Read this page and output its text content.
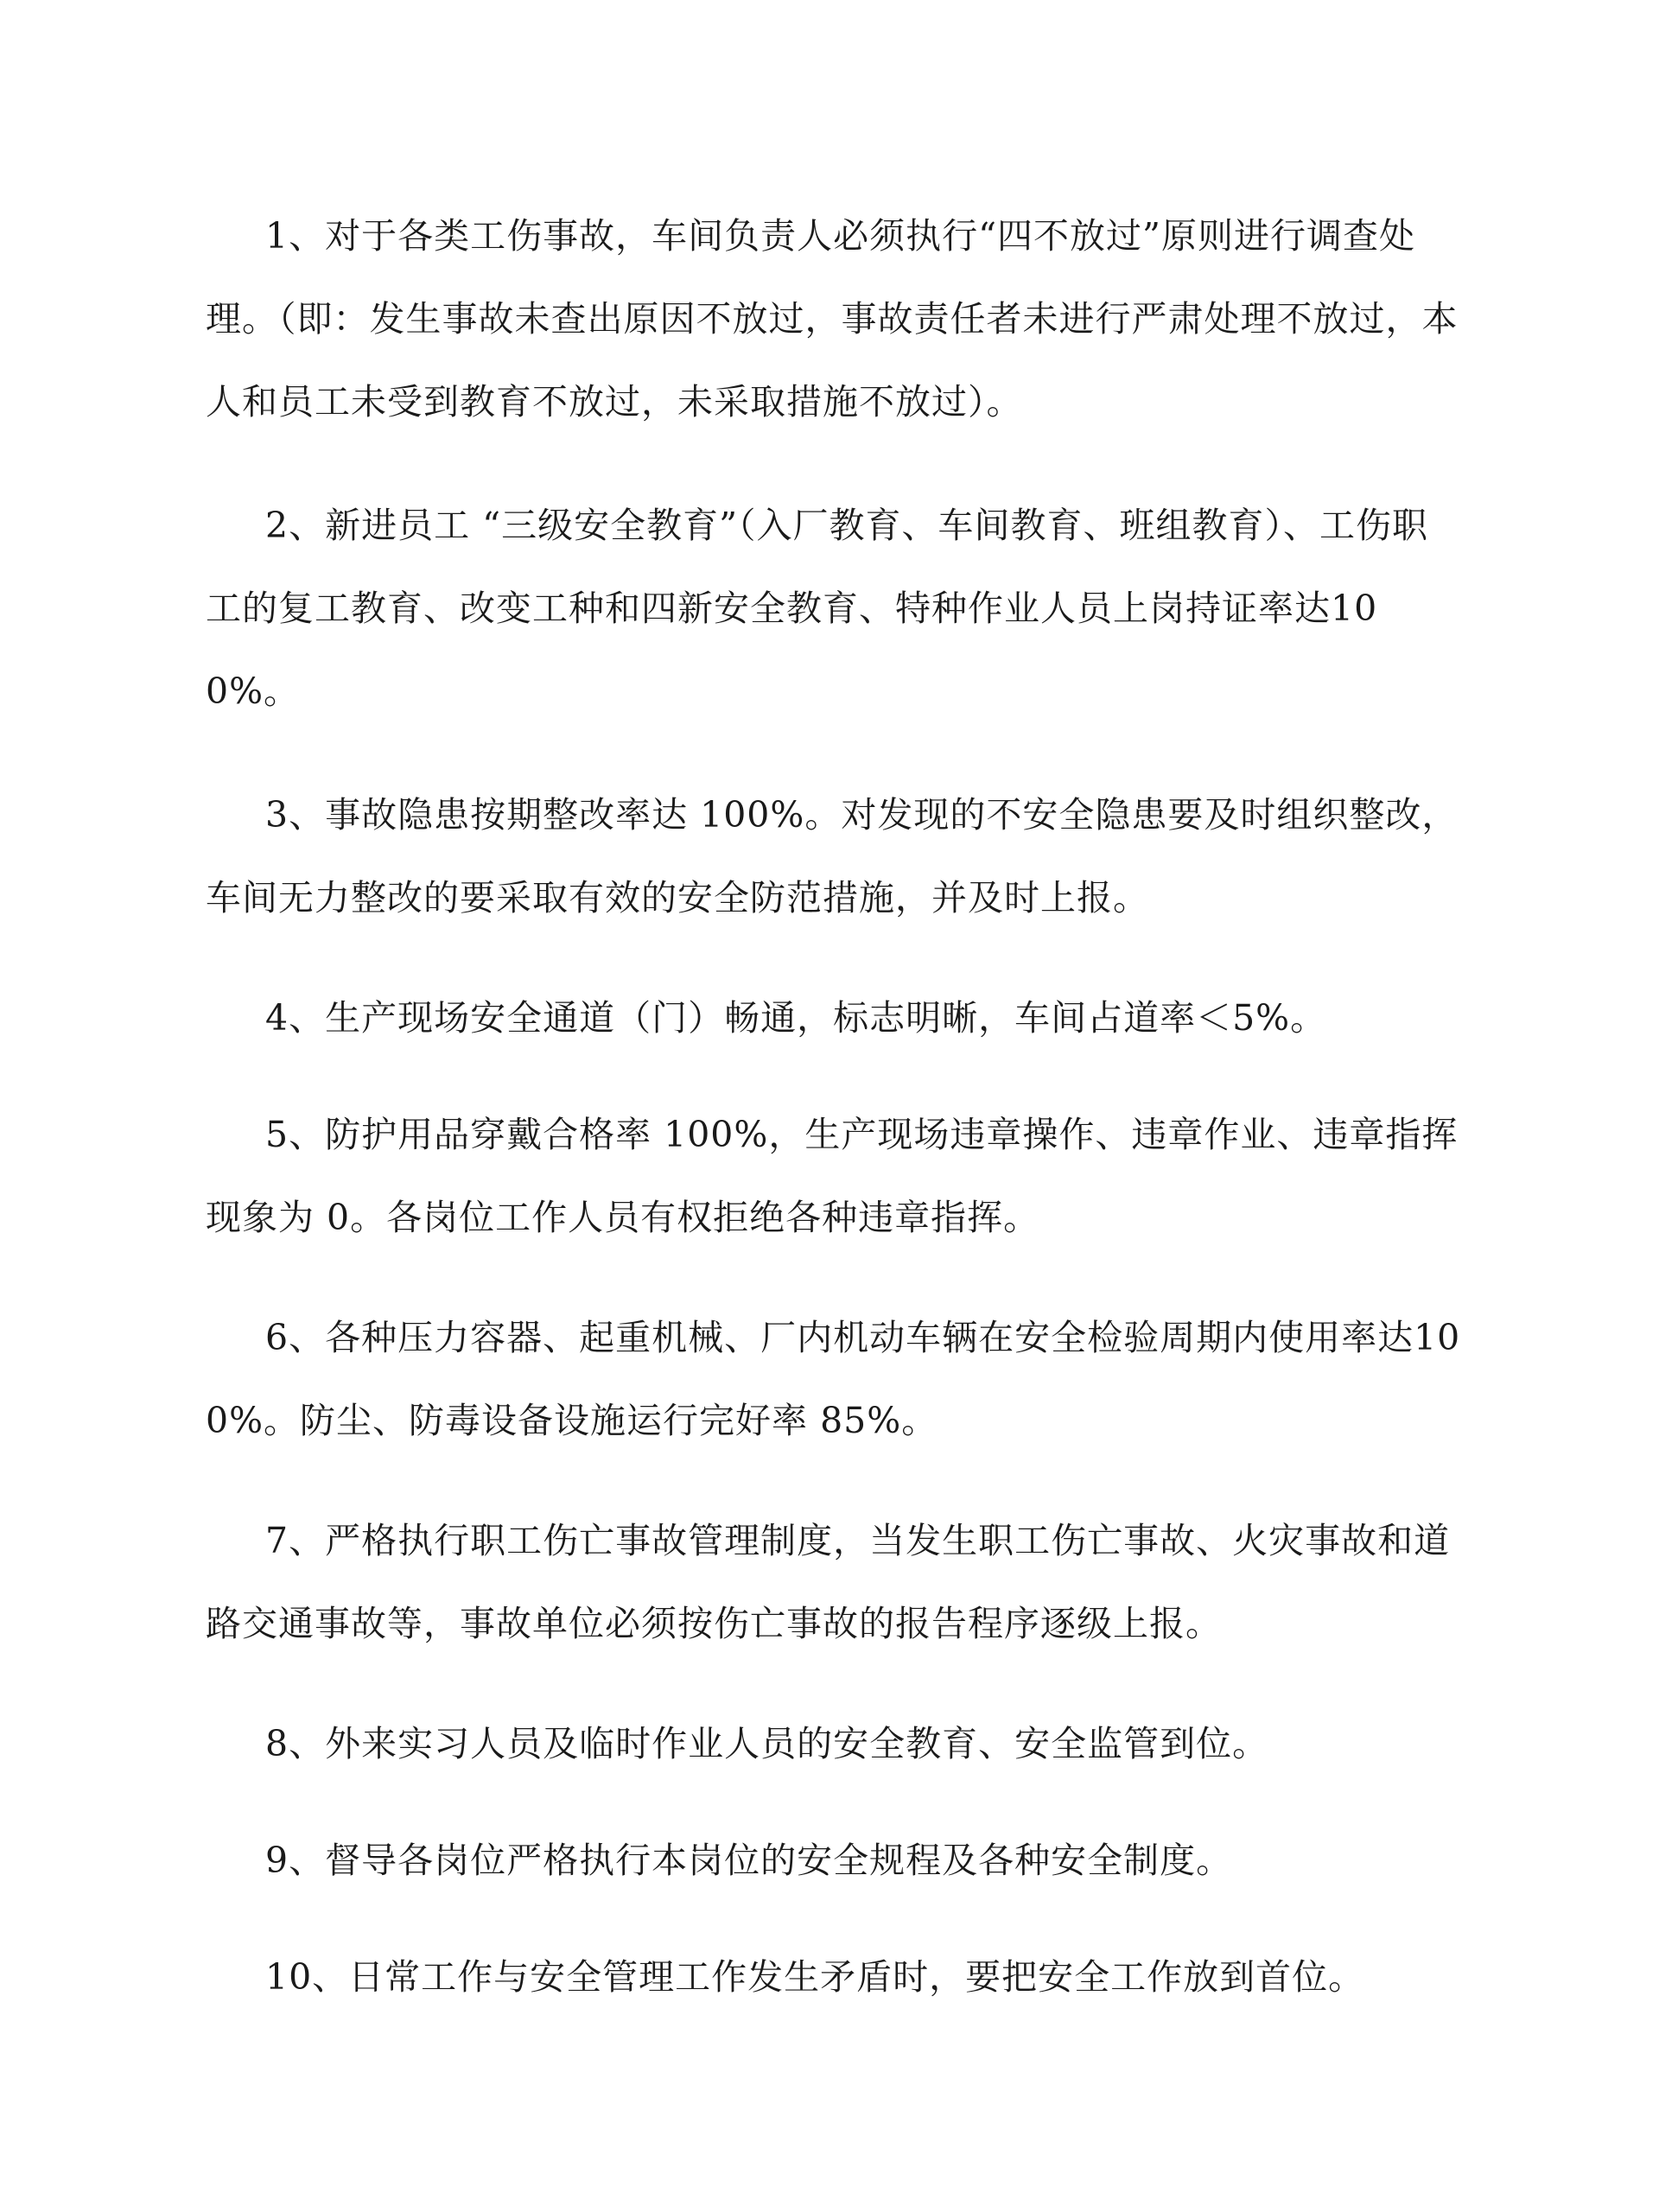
1、对于各类工伤事故，车间负责人必须执行“四不放过”原则进行调查处理。（即：发生事故未查出原因不放过，事故责任者未进行严肃处理不放过，本人和员工未受到教育不放过，未采取措施不放过）。

2、新进员工 “三级安全教育”（入厂教育、车间教育、班组教育）、工伤职工的复工教育、改变工种和四新安全教育、特种作业人员上岗持证率达100%。

3、事故隐患按期整改率达 100%。对发现的不安全隐患要及时组织整改，车间无力整改的要采取有效的安全防范措施，并及时上报。

4、生产现场安全通道（门）畅通，标志明晰，车间占道率＜5%。

5、防护用品穿戴合格率 100%，生产现场违章操作、违章作业、违章指挥现象为 0。各岗位工作人员有权拒绝各种违章指挥。

6、各种压力容器、起重机械、厂内机动车辆在安全检验周期内使用率达100%。防尘、防毒设备设施运行完好率 85%。

7、严格执行职工伤亡事故管理制度，当发生职工伤亡事故、火灾事故和道路交通事故等，事故单位必须按伤亡事故的报告程序逐级上报。

8、外来实习人员及临时作业人员的安全教育、安全监管到位。

9、督导各岗位严格执行本岗位的安全规程及各种安全制度。

10、日常工作与安全管理工作发生矛盾时，要把安全工作放到首位。
